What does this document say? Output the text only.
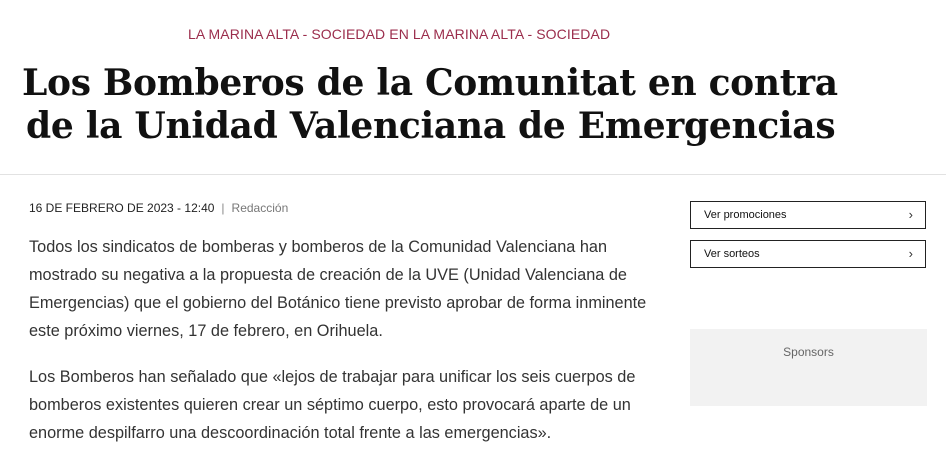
LA MARINA ALTA - SOCIEDAD EN LA MARINA ALTA - SOCIEDAD
Los Bomberos de la Comunitat en contra

de la Unidad Valenciana de Emergencias
16 DE FEBRERO DE 2023 - 12:40 | Redacción

Todos los sindicatos de bomberas y bomberos de la Comunidad Valenciana han mostrado su negativa a la propuesta de creación de la UVE (Unidad Valenciana de Emergencias) que el gobierno del Botánico tiene previsto aprobar de forma inminente este próximo viernes, 17 de febrero, en Orihuela.

Los Bomberos han señalado que «lejos de trabajar para unificar los seis cuerpos de bomberos existentes quieren crear un séptimo cuerpo, esto provocará aparte de un enorme despilfarro una descoordinación total frente a las emergencias».

Ver promociones	›
Ver sorteos	›
Sponsors
